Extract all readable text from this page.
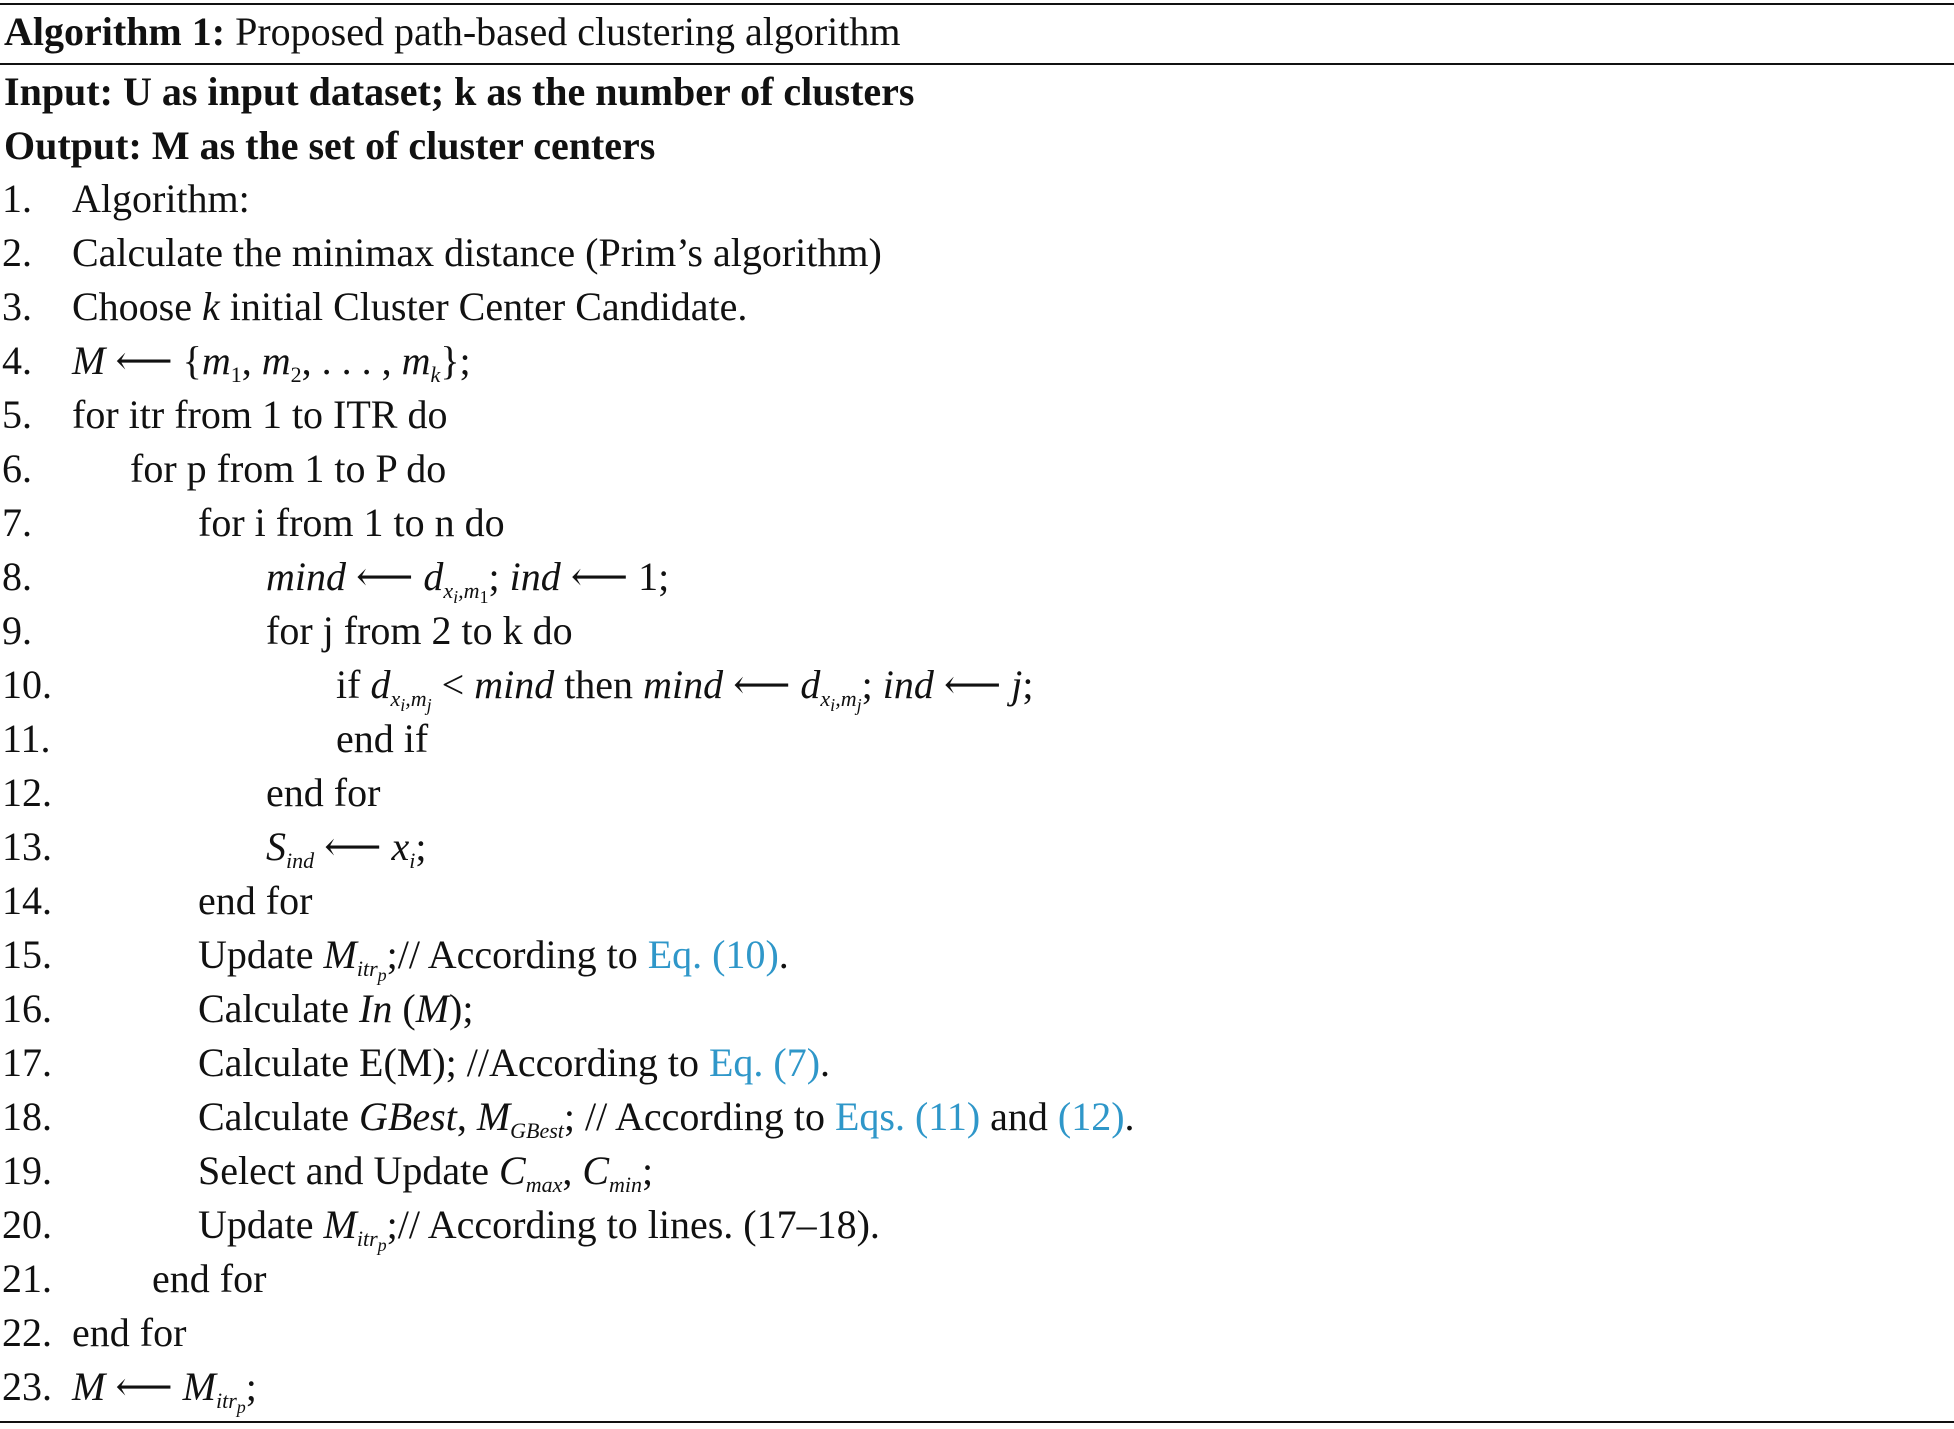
Algorithm 1: Proposed path-based clustering algorithm
Input: U as input dataset; k as the number of clusters
Output: M as the set of cluster centers
1. Algorithm:
2. Calculate the minimax distance (Prim’s algorithm)
3. Choose k initial Cluster Center Candidate.
4. M ⟵ {$m_1$, $m_2$, . . . , $m_k$};
5. for itr from 1 to ITR do
6. for p from 1 to P do
7.	for i from 1 to n do
8.	mind ⟵ $d_{x_i,m_1}$; ind ⟵ 1;
9.	for j from 2 to k do
10.	if $d_{x_i,m_j} < \min d$ then mind ⟵ $d_{x_i,m_j}$; ind ⟵ j;
11.	end if
12.	end for
13.	$S_{ind}$ ⟵ $x_i$;
14.	end for
15.	Update $M_{itr_p};//$ According to Eq. (10).
16.	Calculate In (M);
17.	Calculate E(M); //According to Eq. (7).
18.	Calculate GBest, $M_{GBest}$; // According to Eqs. (11) and (12).
19.	Select and Update $C_{max}$, $C_{min}$;
20.	Update $M_{itr_p};//$ According to lines. (17–18).
21.	end for
22. end for
23. M ⟵ $M_{itr_p}$;
